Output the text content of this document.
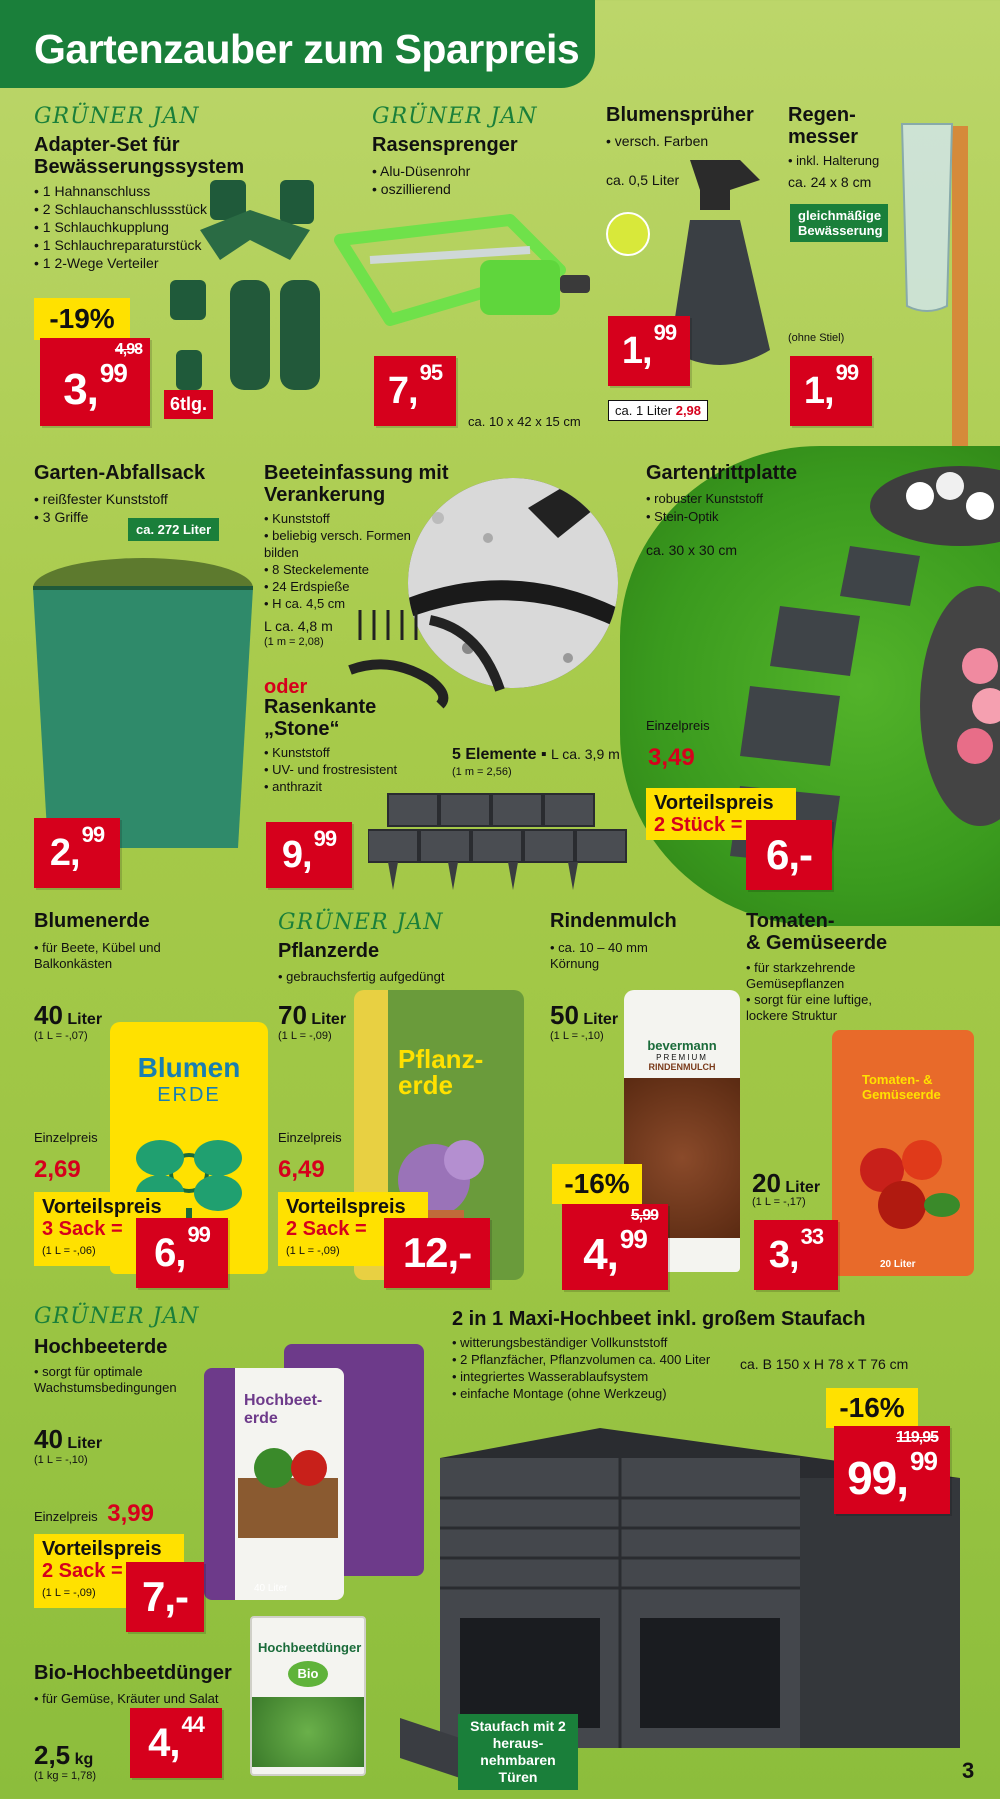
Gartenzauber zum Sparpreis
GRÜNER JAN
Adapter-Set für Bewässerungssystem
• 1 Hahnanschluss
• 2 Schlauchanschlussstück
• 1 Schlauchkupplung
• 1 Schlauchreparaturstück
• 1 2-Wege Verteiler
-19%
4,98
3, 99
6tlg.
GRÜNER JAN
Rasensprenger
• Alu-Düsenrohr
• oszillierend
7, 95
ca. 10 x 42 x 15 cm
Blumensprüher
• versch. Farben
ca. 0,5 Liter
1, 99
ca. 1 Liter 2,98
Regen-
messer
• inkl. Halterung
ca. 24 x 8 cm
gleichmäßige Bewässerung
(ohne Stiel)
1, 99
Garten-Abfallsack
• reißfester Kunststoff
• 3 Griffe
ca. 272 Liter
2, 99
Beeteinfassung mit Verankerung
• Kunststoff
• beliebig versch. Formen bilden
• 8 Steckelemente
• 24 Erdspieße
• H ca. 4,5 cm
L ca. 4,8 m
(1 m = 2,08)
oder
Rasenkante „Stone“
• Kunststoff
• UV- und frostresistent
• anthrazit
5 Elemente ▪ L ca. 3,9 m
(1 m = 2,56)
9, 99
Gartentrittplatte
• robuster Kunststoff
• Stein-Optik
ca. 30 x 30 cm
Einzelpreis
3,49
Vorteilspreis
2 Stück =
6,-
Blumenerde
• für Beete, Kübel und Balkonkästen
40 Liter
(1 L = -,07)
Blumen
ERDE
Einzelpreis
2,69
Vorteilspreis
3 Sack =
(1 L = -,06)	6, 99
GRÜNER JAN
Pflanzerde
• gebrauchsfertig aufgedüngt
70 Liter
(1 L = -,09)
Pflanz-
erde
Einzelpreis
6,49
Vorteilspreis
2 Sack =
(1 L = -,09)	12,-
Rindenmulch
• ca. 10 – 40 mm Körnung
50 Liter
(1 L = -,10)
bevermann
PREMIUM
RINDENMULCH
-16%
5,99
4, 99
Tomaten-
& Gemüseerde
• für starkzehrende Gemüsepflanzen
• sorgt für eine luftige, lockere Struktur
Tomaten- & Gemüseerde
20 Liter
20 Liter
(1 L = -,17)
3, 33
GRÜNER JAN
Hochbeeterde
• sorgt für optimale Wachstumsbedingungen
40 Liter
(1 L = -,10)
Hochbeet-
erde
40 Liter
Einzelpreis 3,99
Vorteilspreis
2 Sack =
(1 L = -,09)	7,-
2 in 1 Maxi-Hochbeet inkl. großem Staufach
• witterungsbeständiger Vollkunststoff
• 2 Pflanzfächer, Pflanzvolumen ca. 400 Liter
• integriertes Wasserablaufsystem
• einfache Montage (ohne Werkzeug)
ca. B 150 x H 78 x T 76 cm
-16%
119,95
99, 99
Staufach mit 2 heraus-nehmbaren Türen
Bio-Hochbeetdünger
• für Gemüse, Kräuter und Salat
Hochbeetdünger
Bio
2,5 kg
(1 kg = 1,78)
4, 44
3
